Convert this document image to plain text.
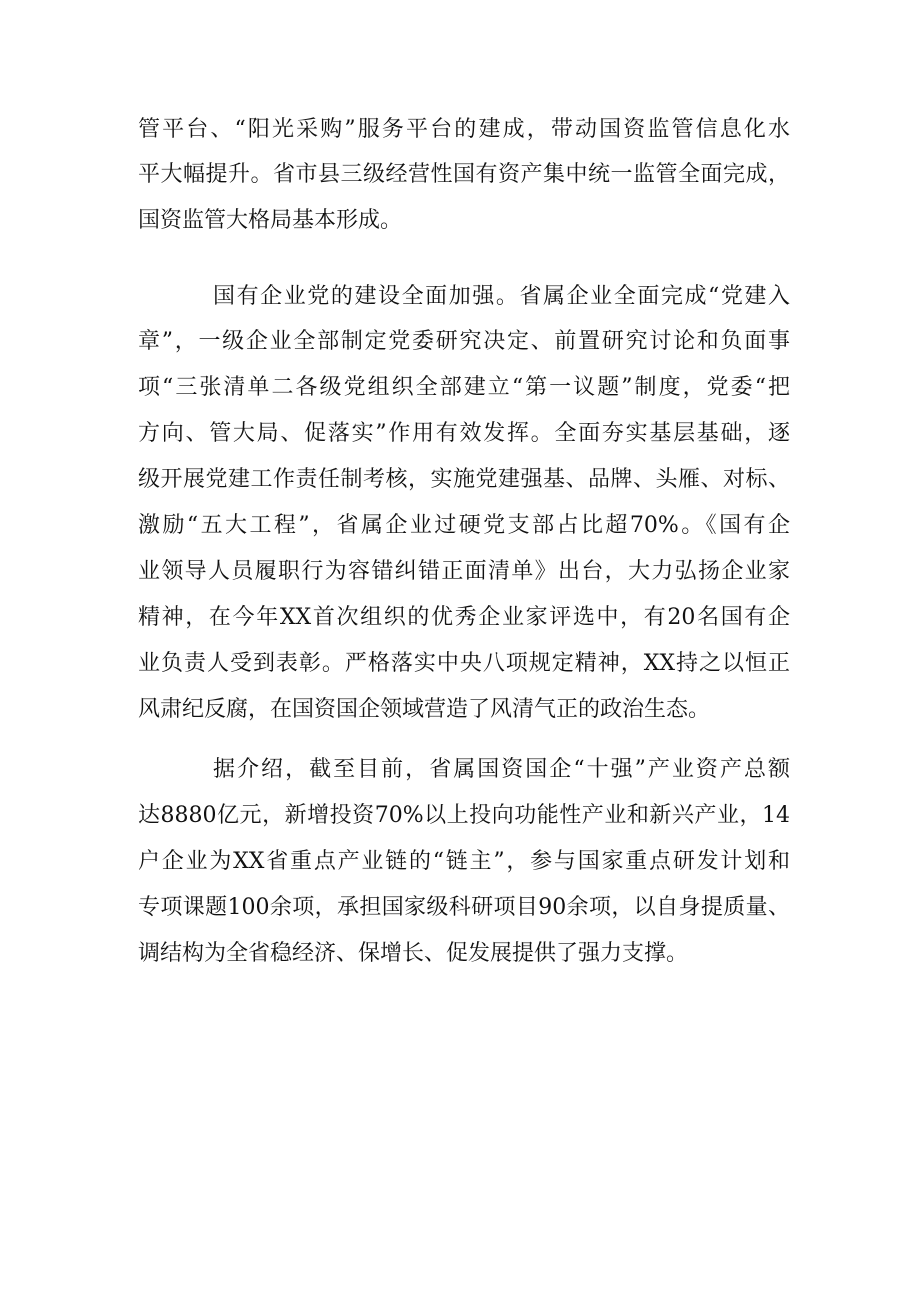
管平台、“阳光采购”服务平台的建成，带动国资监管信息化水
平大幅提升。省市县三级经营性国有资产集中统一监管全面完成，
国资监管大格局基本形成。
国有企业党的建设全面加强。省属企业全面完成“党建入
章”，一级企业全部制定党委研究决定、前置研究讨论和负面事
项“三张清单二各级党组织全部建立“第一议题”制度，党委“把
方向、管大局、促落实”作用有效发挥。全面夯实基层基础，逐
级开展党建工作责任制考核，实施党建强基、品牌、头雁、对标、
激励“五大工程”，省属企业过硬党支部占比超70%。《国有企
业领导人员履职行为容错纠错正面清单》出台，大力弘扬企业家
精神，在今年XX首次组织的优秀企业家评选中，有20名国有企
业负责人受到表彰。严格落实中央八项规定精神，XX持之以恒正
风肃纪反腐，在国资国企领域营造了风清气正的政治生态。
据介绍，截至目前，省属国资国企“十强”产业资产总额
达8880亿元，新增投资70%以上投向功能性产业和新兴产业，14
户企业为XX省重点产业链的“链主”，参与国家重点研发计划和
专项课题100余项，承担国家级科研项目90余项，以自身提质量、
调结构为全省稳经济、保增长、促发展提供了强力支撑。
